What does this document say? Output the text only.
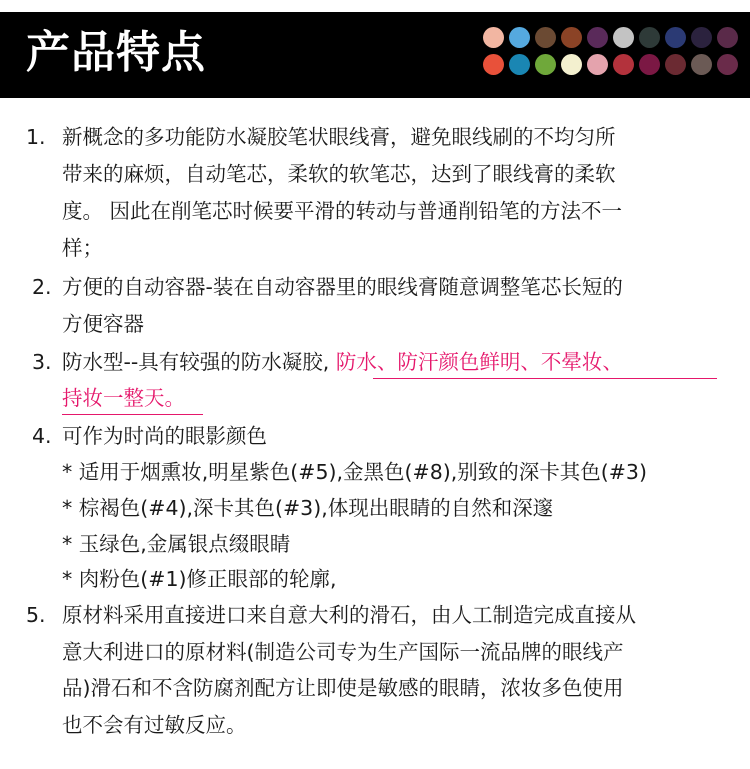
产品特点
1. 新概念的多功能防水凝胶笔状眼线膏，避免眼线刷的不均匀所
带来的麻烦，自动笔芯，柔软的软笔芯，达到了眼线膏的柔软
度。 因此在削笔芯时候要平滑的转动与普通削铅笔的方法不一
样；
2. 方便的自动容器-装在自动容器里的眼线膏随意调整笔芯长短的
方便容器
3. 防水型--具有较强的防水凝胶, 防水、防汗颜色鲜明、不晕妆、
持妆一整天。
4. 可作为时尚的眼影颜色
* 适用于烟熏妆,明星紫色(#5),金黑色(#8),别致的深卡其色(#3)
* 棕褐色(#4),深卡其色(#3),体现出眼睛的自然和深邃
* 玉绿色,金属银点缀眼睛
* 肉粉色(#1)修正眼部的轮廓,
5. 原材料采用直接进口来自意大利的滑石，由人工制造完成直接从
意大利进口的原材料(制造公司专为生产国际一流品牌的眼线产
品)滑石和不含防腐剂配方让即使是敏感的眼睛，浓妆多色使用
也不会有过敏反应。
